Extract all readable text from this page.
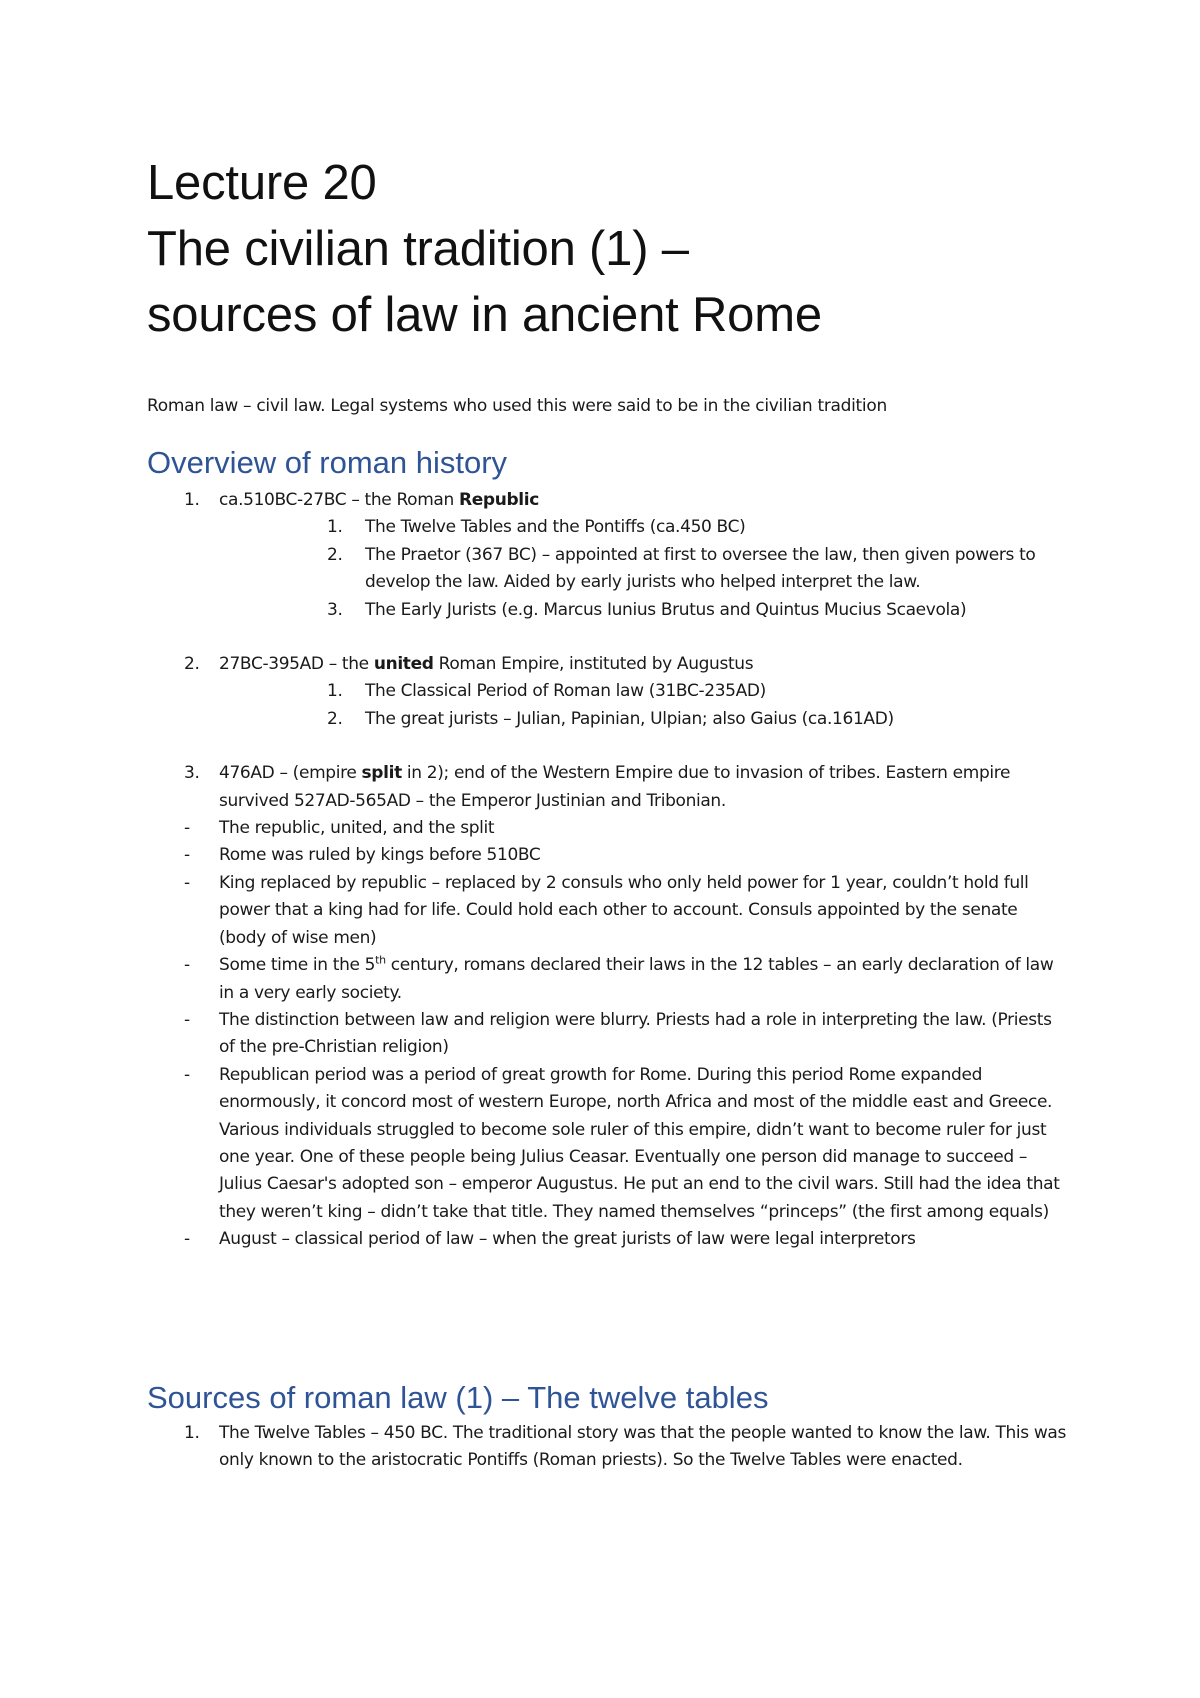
Lecture 20
The civilian tradition (1) –
sources of law in ancient Rome
Roman law – civil law. Legal systems who used this were said to be in the civilian tradition
Overview of roman history
1.	ca.510BC-27BC – the Roman Republic
1.	The Twelve Tables and the Pontiffs (ca.450 BC)
2.	The Praetor (367 BC) – appointed at first to oversee the law, then given powers to develop the law. Aided by early jurists who helped interpret the law.
3.	The Early Jurists (e.g. Marcus Iunius Brutus and Quintus Mucius Scaevola)
2.	27BC-395AD – the united Roman Empire, instituted by Augustus
1.	The Classical Period of Roman law (31BC-235AD)
2.	The great jurists – Julian, Papinian, Ulpian; also Gaius (ca.161AD)
3.	476AD – (empire split in 2); end of the Western Empire due to invasion of tribes. Eastern empire survived 527AD-565AD – the Emperor Justinian and Tribonian.
-	The republic, united, and the split
-	Rome was ruled by kings before 510BC
-	King replaced by republic – replaced by 2 consuls who only held power for 1 year, couldn’t hold full power that a king had for life. Could hold each other to account. Consuls appointed by the senate (body of wise men)
-	Some time in the 5th century, romans declared their laws in the 12 tables – an early declaration of law in a very early society.
-	The distinction between law and religion were blurry. Priests had a role in interpreting the law. (Priests of the pre-Christian religion)
-	Republican period was a period of great growth for Rome. During this period Rome expanded enormously, it concord most of western Europe, north Africa and most of the middle east and Greece. Various individuals struggled to become sole ruler of this empire, didn’t want to become ruler for just one year. One of these people being Julius Ceasar. Eventually one person did manage to succeed – Julius Caesar's adopted son – emperor Augustus. He put an end to the civil wars. Still had the idea that they weren’t king – didn’t take that title. They named themselves “princeps” (the first among equals)
-	August – classical period of law – when the great jurists of law were legal interpretors
Sources of roman law (1) – The twelve tables
1.	The Twelve Tables – 450 BC. The traditional story was that the people wanted to know the law. This was only known to the aristocratic Pontiffs (Roman priests). So the Twelve Tables were enacted.
